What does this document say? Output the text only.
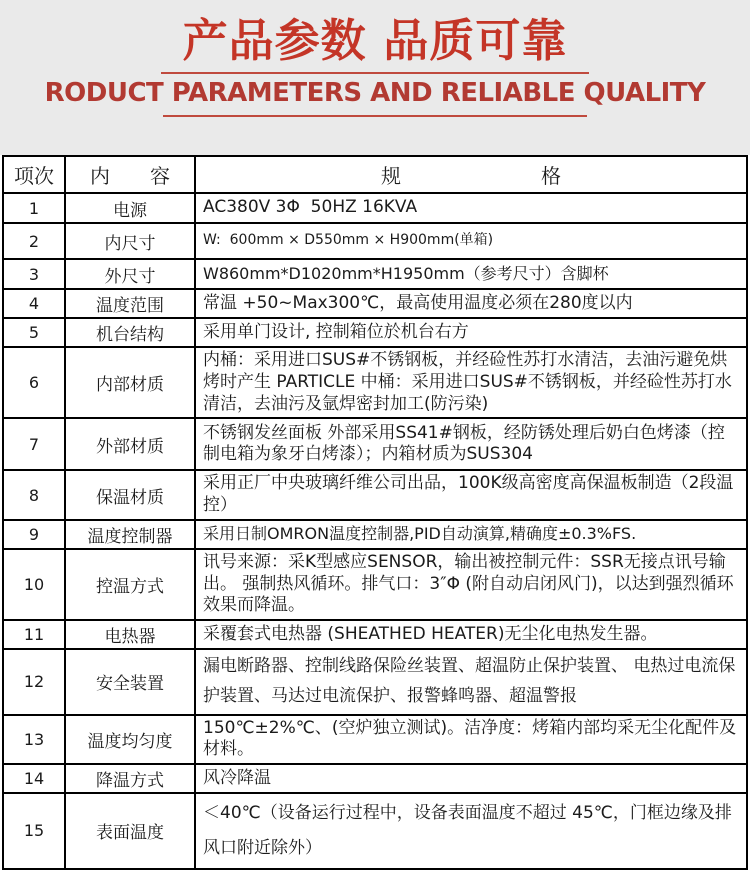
产品参数 品质可靠
RODUCT PARAMETERS AND RELIABLE QUALITY
项次	内　　容	规　　　　　　　格
1	电源	AC380V 3Φ  50HZ 16KVA
2	内尺寸	W:  600mm × D550mm × H900mm(单箱)
3	外尺寸	W860mm*D1020mm*H1950mm（参考尺寸）含脚杯
4	温度范围	常温 +50~Max300℃，最高使用温度必须在280度以内
5	机台结构	采用单门设计, 控制箱位於机台右方
6	内部材质	内桶：采用进口SUS#不锈钢板，并经硷性苏打水清洁，去油污避免烘烤时产生 PARTICLE 中桶：采用进口SUS#不锈钢板，并经硷性苏打水清洁，去油污及氩焊密封加工(防污染)
7	外部材质	不锈钢发丝面板 外部采用SS41#钢板，经防锈处理后奶白色烤漆（控制电箱为象牙白烤漆）；内箱材质为SUS304
8	保温材质	采用正厂中央玻璃纤维公司出品，100K级高密度高保温板制造（2段温控）
9	温度控制器	采用日制OMRON温度控制器,PID自动演算,精确度±0.3%FS.
10	控温方式	讯号来源：采K型感应SENSOR，输出被控制元件：SSR无接点讯号输出。 强制热风循环。排气口：3″Φ (附自动启闭风门)，以达到强烈循环效果而降温。
11	电热器	采覆套式电热器 (SHEATHED HEATER)无尘化电热发生器。
12	安全装置	漏电断路器、控制线路保险丝装置、超温防止保护装置、 电热过电流保护装置、马达过电流保护、报警蜂鸣器、超温警报
13	温度均匀度	150℃±2%℃、(空炉独立测试)。洁净度：烤箱内部均采无尘化配件及材料。
14	降温方式	风冷降温
15	表面温度	＜40℃（设备运行过程中，设备表面温度不超过 45℃，门框边缘及排风口附近除外）
